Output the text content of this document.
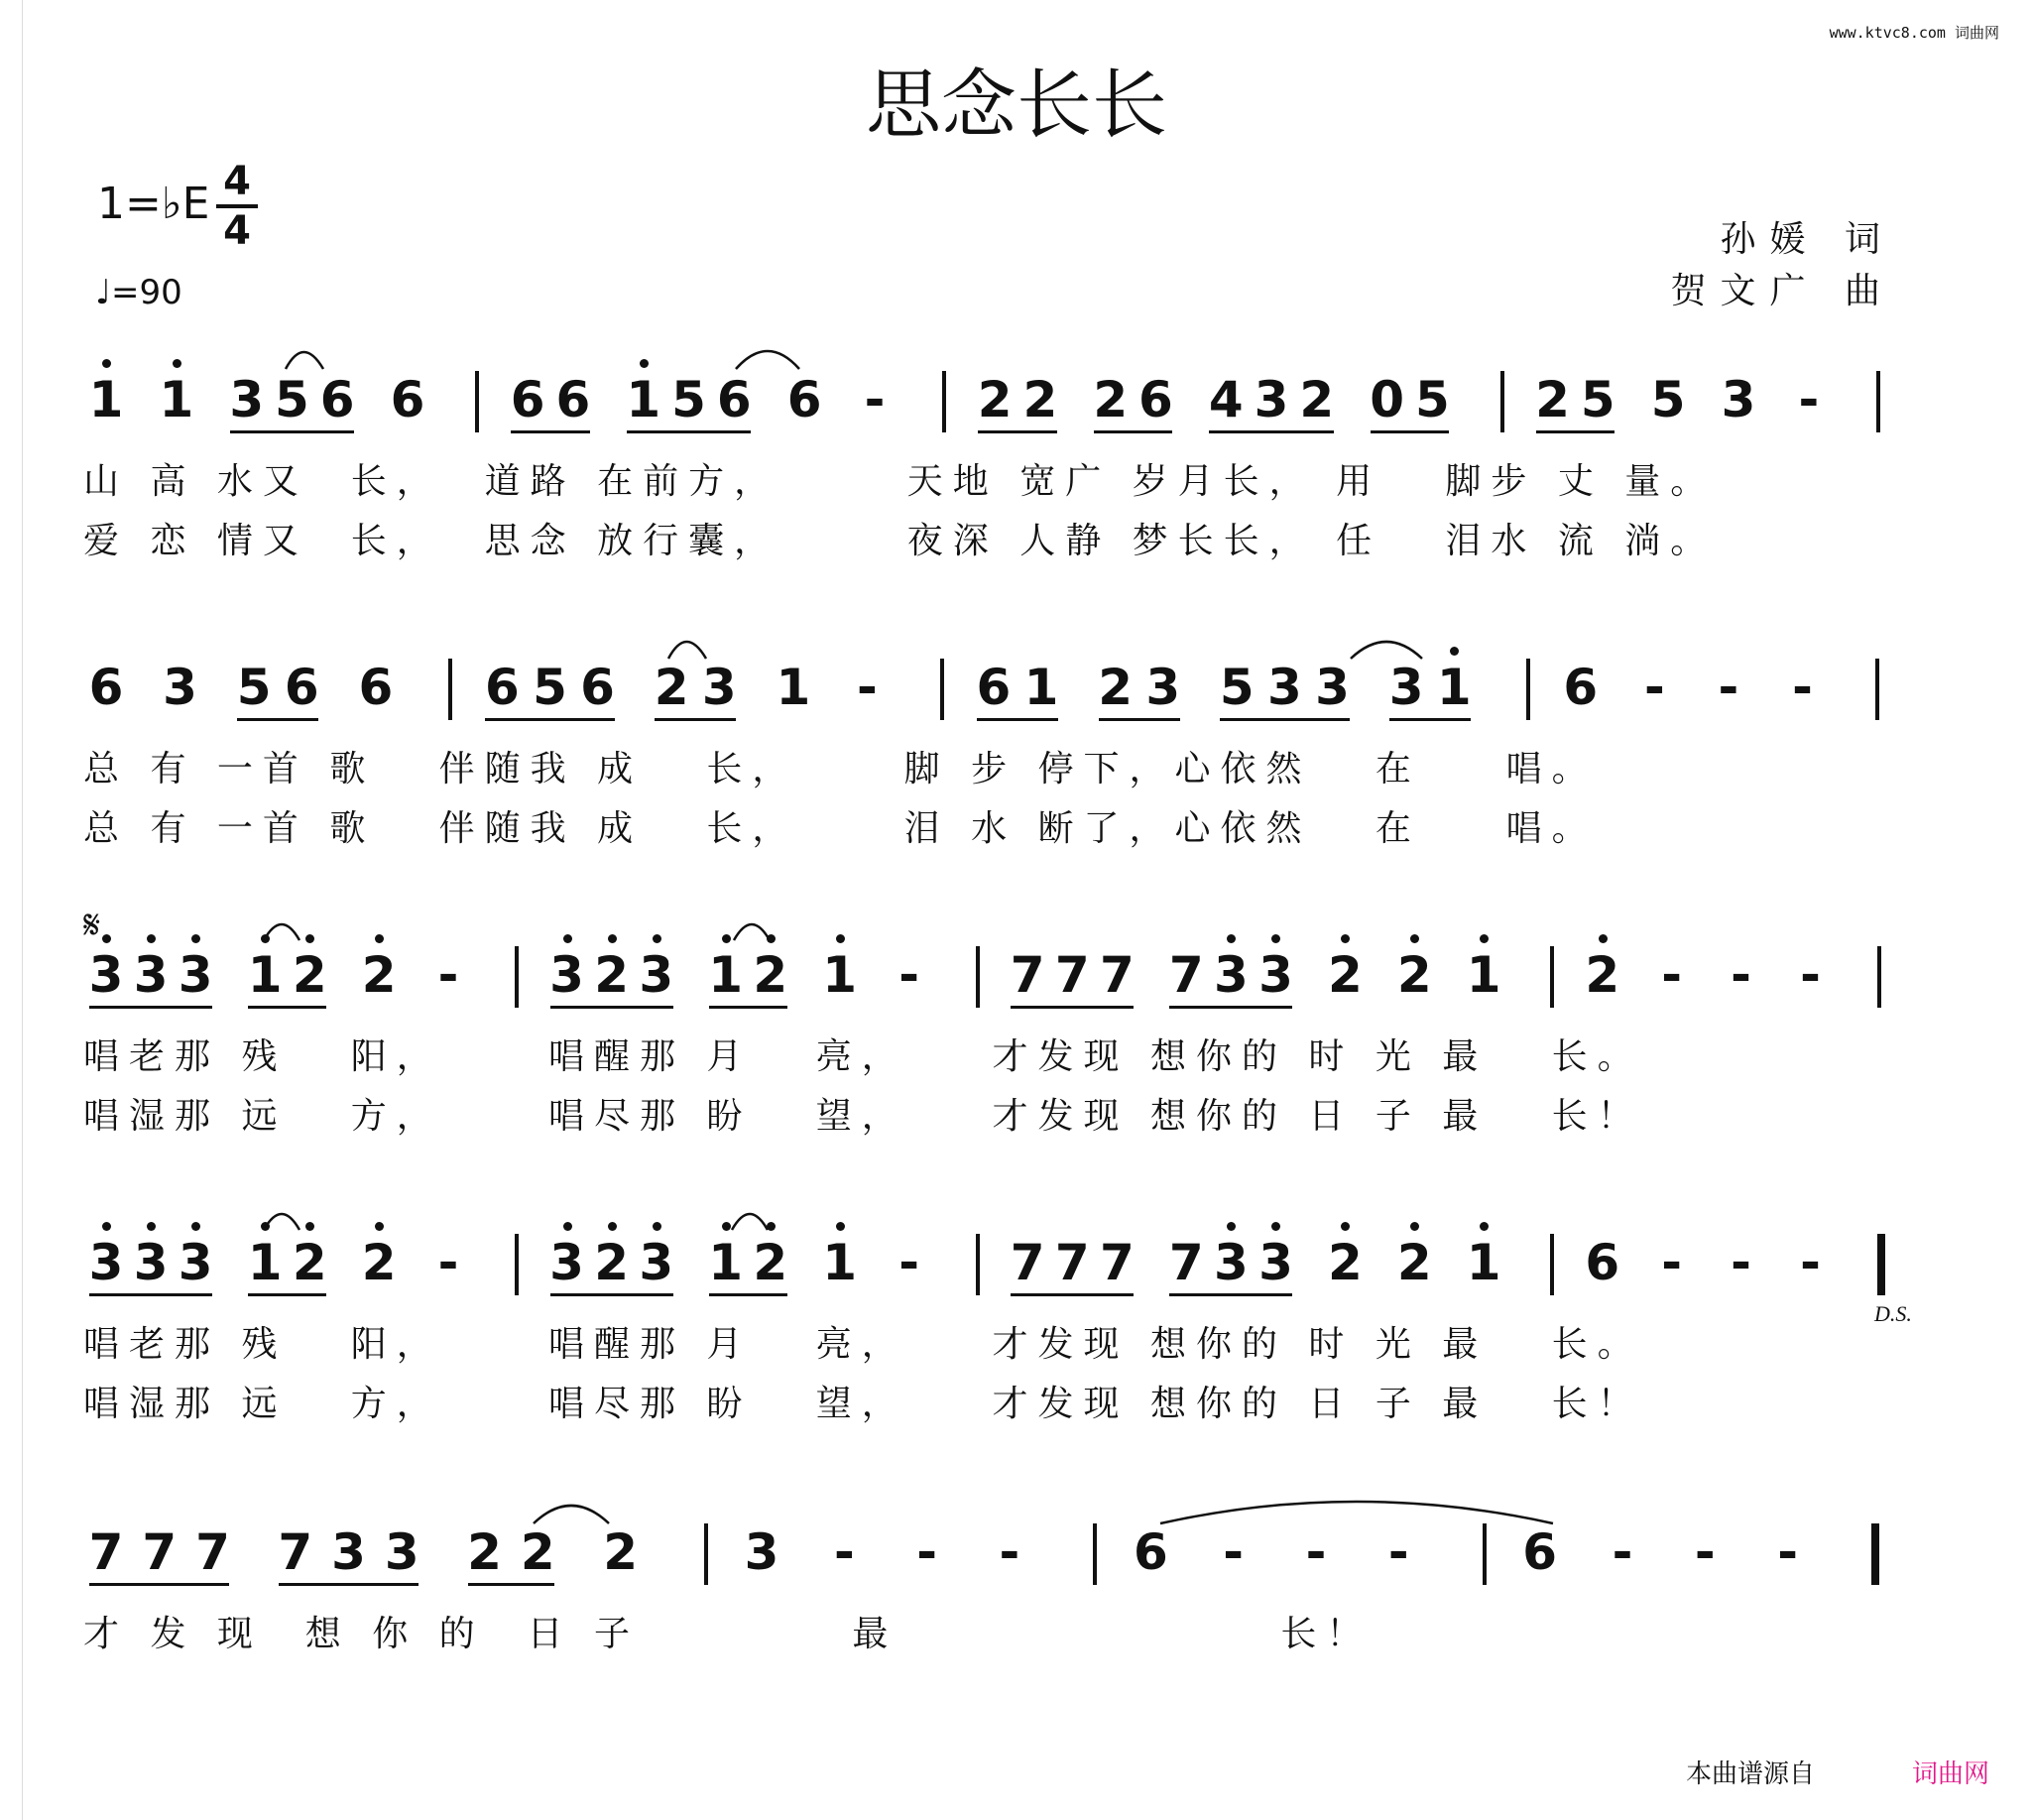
www.ktvc8.com 词曲网
思念长长
1=♭E 4
4
♩=90
孙媛 词
贺文广 曲
1 1 3 5 6 6 6 6 1 5 6 6 - 2 2 2 6 4 3 2 0 5 2 5 5 3 -
山 高 水又  长，  道路 在前方，      天地 宽广 岁月长， 用   脚步 丈 量。
爱 恋 情又  长，  思念 放行囊，      夜深 人静 梦长长， 任   泪水 流 淌。
6 3 5 6 6 6 5 6 2 3 1 - 6 1 2 3 5 3 3 3 1 6 - - -
总 有 一首 歌   伴随我 成   长，     脚 步 停下，心依然   在    唱。
总 有 一首 歌   伴随我 成   长，     泪 水 断了，心依然   在    唱。
3 3 3 1 2 2 - 3 2 3 1 2 1 - 7 7 7 7 3 3 2 2 1 2 - - -
唱老那 残   阳，     唱醒那 月   亮，    才发现 想你的 时 光 最   长。
唱湿那 远   方，     唱尽那 盼   望，    才发现 想你的 日 子 最   长！
3 3 3 1 2 2 - 3 2 3 1 2 1 - 7 7 7 7 3 3 2 2 1 6 - - -
唱老那 残   阳，     唱醒那 月   亮，    才发现 想你的 时 光 最   长。
唱湿那 远   方，     唱尽那 盼   望，    才发现 想你的 日 子 最   长！
7 7 7 7 3 3 2 2 2 3 - - - 6 - - - 6 - - -
才 发 现  想 你 的  日 子          最                  长！
𝄋
D.S.
本曲谱源自	词曲网
